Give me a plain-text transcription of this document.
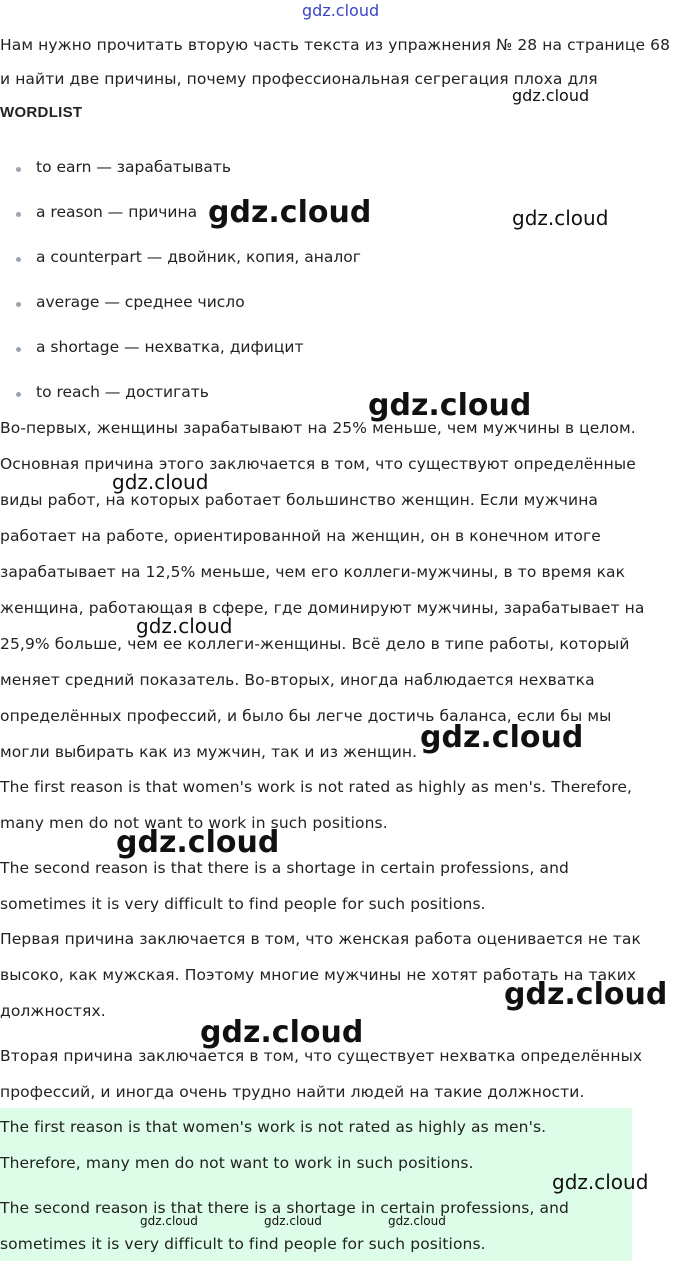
Нам нужно прочитать вторую часть текста из упражнения № 28 на странице 68
и найти две причины, почему профессиональная сегрегация плоха для
WORDLIST
to earn — зарабатывать
a reason — причина
a counterpart — двойник, копия, аналог
average — среднее число
a shortage — нехватка, дифицит
to reach — достигать
Во-первых, женщины зарабатывают на 25% меньше, чем мужчины в целом.
Основная причина этого заключается в том, что существуют определённые
виды работ, на которых работает большинство женщин. Если мужчина
работает на работе, ориентированной на женщин, он в конечном итоге
зарабатывает на 12,5% меньше, чем его коллеги-мужчины, в то время как
женщина, работающая в сфере, где доминируют мужчины, зарабатывает на
25,9% больше, чем ее коллеги-женщины. Всё дело в типе работы, который
меняет средний показатель. Во-вторых, иногда наблюдается нехватка
определённых профессий, и было бы легче достичь баланса, если бы мы
могли выбирать как из мужчин, так и из женщин.
The first reason is that women's work is not rated as highly as men's. Therefore,
many men do not want to work in such positions.
The second reason is that there is a shortage in certain professions, and
sometimes it is very difficult to find people for such positions.
Первая причина заключается в том, что женская работа оценивается не так
высоко, как мужская. Поэтому многие мужчины не хотят работать на таких
должностях.
Вторая причина заключается в том, что существует нехватка определённых
профессий, и иногда очень трудно найти людей на такие должности.
The first reason is that women's work is not rated as highly as men's.
Therefore, many men do not want to work in such positions.
The second reason is that there is a shortage in certain professions, and
sometimes it is very difficult to find people for such positions.
gdz.cloud
gdz.cloud
gdz.cloud	gdz.cloud
gdz.cloud
gdz.cloud
gdz.cloud
gdz.cloud
gdz.cloud
gdz.cloud
gdz.cloud
gdz.cloud
gdz.cloud	gdz.cloud	gdz.cloud
